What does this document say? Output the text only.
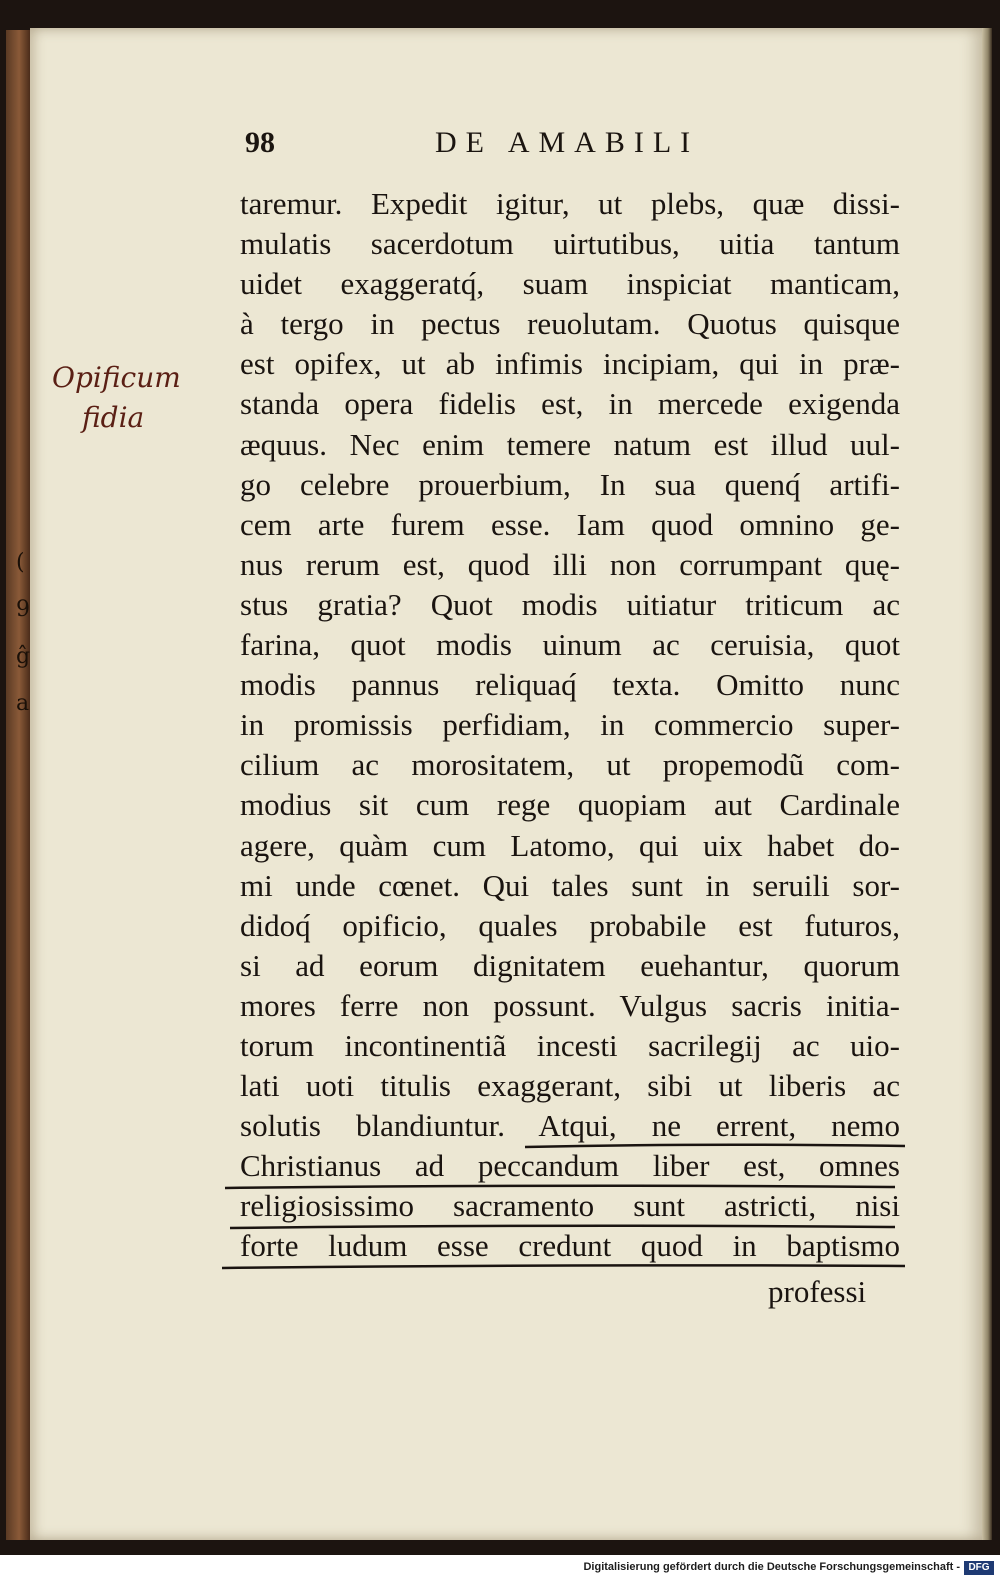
(
9
ĝ
a
98	DE AMABILI
Opificum
fidia
taremur. Expedit igitur, ut plebs, quæ dissi-
mulatis sacerdotum uirtutibus, uitia tantum
uidet exaggeratq́, suam inspiciat manticam,
à tergo in pectus reuolutam. Quotus quisque
est opifex, ut ab infimis incipiam, qui in præ-
standa opera fidelis est, in mercede exigenda
æquus. Nec enim temere natum est illud uul-
go celebre prouerbium, In sua quenq́ artifi-
cem arte furem esse. Iam quod omnino ge-
nus rerum est, quod illi non corrumpant quę-
stus gratia? Quot modis uitiatur triticum ac
farina, quot modis uinum ac ceruisia, quot
modis pannus reliquaq́ texta. Omitto nunc
in promissis perfidiam, in commercio super-
cilium ac morositatem, ut propemodũ com-
modius sit cum rege quopiam aut Cardinale
agere, quàm cum Latomo, qui uix habet do-
mi unde cœnet. Qui tales sunt in seruili sor-
didoq́ opificio, quales probabile est futuros,
si ad eorum dignitatem euehantur, quorum
mores ferre non possunt. Vulgus sacris initia-
torum incontinentiã incesti sacrilegij ac uio-
lati uoti titulis exaggerant, sibi ut liberis ac
solutis blandiuntur. Atqui, ne errent, nemo
Christianus ad peccandum liber est, omnes
religiosissimo sacramento sunt astricti, nisi
forte ludum esse credunt quod in baptismo
professi
Digitalisierung gefördert durch die Deutsche Forschungsgemeinschaft - DFG
